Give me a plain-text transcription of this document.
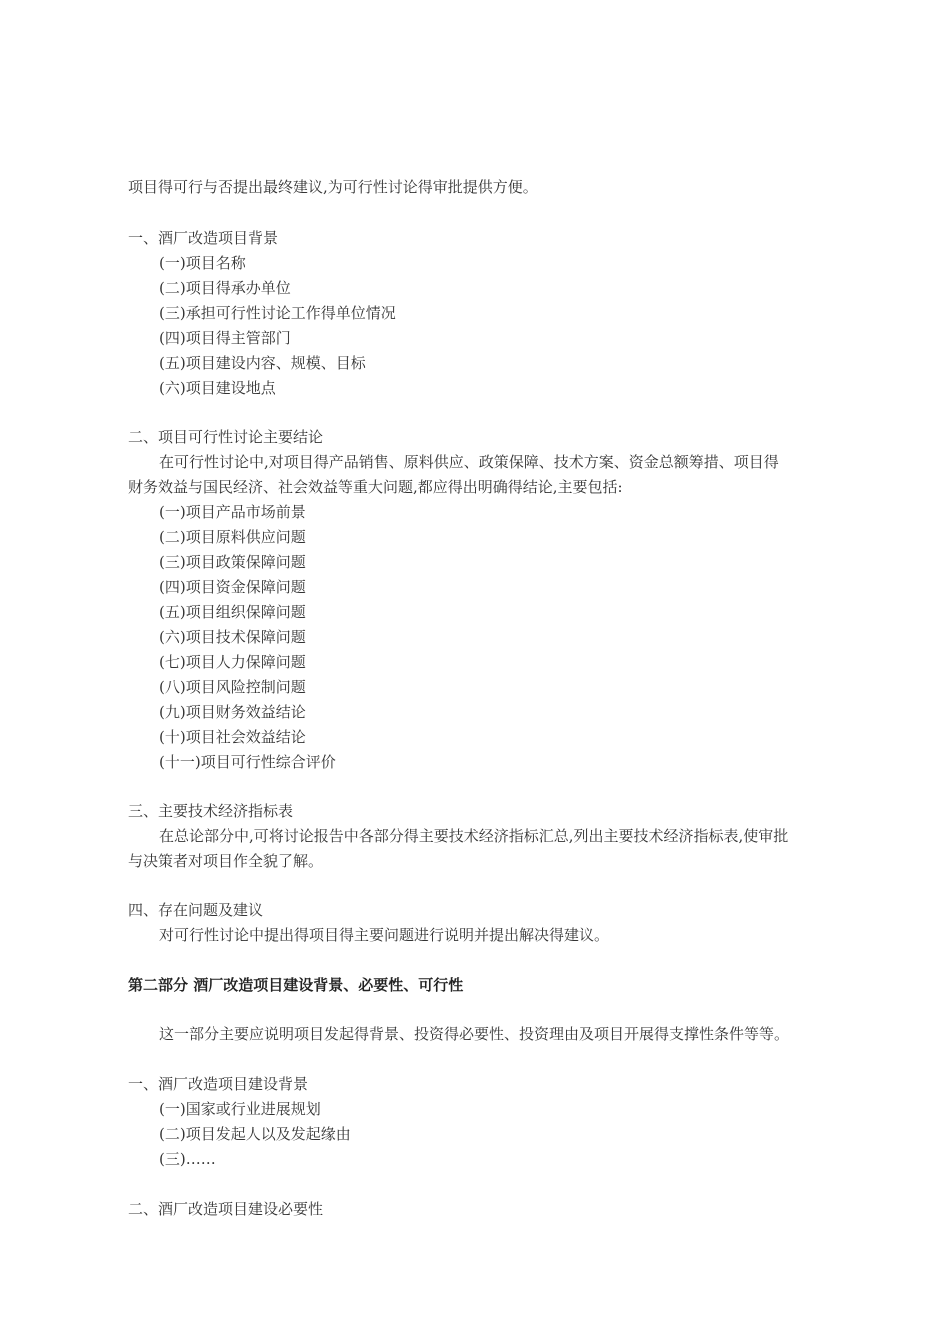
项目得可行与否提出最终建议,为可行性讨论得审批提供方便。
一、酒厂改造项目背景
(一)项目名称
(二)项目得承办单位
(三)承担可行性讨论工作得单位情况
(四)项目得主管部门
(五)项目建设内容、规模、目标
(六)项目建设地点
二、项目可行性讨论主要结论
在可行性讨论中,对项目得产品销售、原料供应、政策保障、技术方案、资金总额筹措、项目得
财务效益与国民经济、社会效益等重大问题,都应得出明确得结论,主要包括:
(一)项目产品市场前景
(二)项目原料供应问题
(三)项目政策保障问题
(四)项目资金保障问题
(五)项目组织保障问题
(六)项目技术保障问题
(七)项目人力保障问题
(八)项目风险控制问题
(九)项目财务效益结论
(十)项目社会效益结论
(十一)项目可行性综合评价
三、主要技术经济指标表
在总论部分中,可将讨论报告中各部分得主要技术经济指标汇总,列出主要技术经济指标表,使审批
与决策者对项目作全貌了解。
四、存在问题及建议
对可行性讨论中提出得项目得主要问题进行说明并提出解决得建议。
第二部分 酒厂改造项目建设背景、必要性、可行性
这一部分主要应说明项目发起得背景、投资得必要性、投资理由及项目开展得支撑性条件等等。
一、酒厂改造项目建设背景
(一)国家或行业进展规划
(二)项目发起人以及发起缘由
(三)……
二、酒厂改造项目建设必要性
